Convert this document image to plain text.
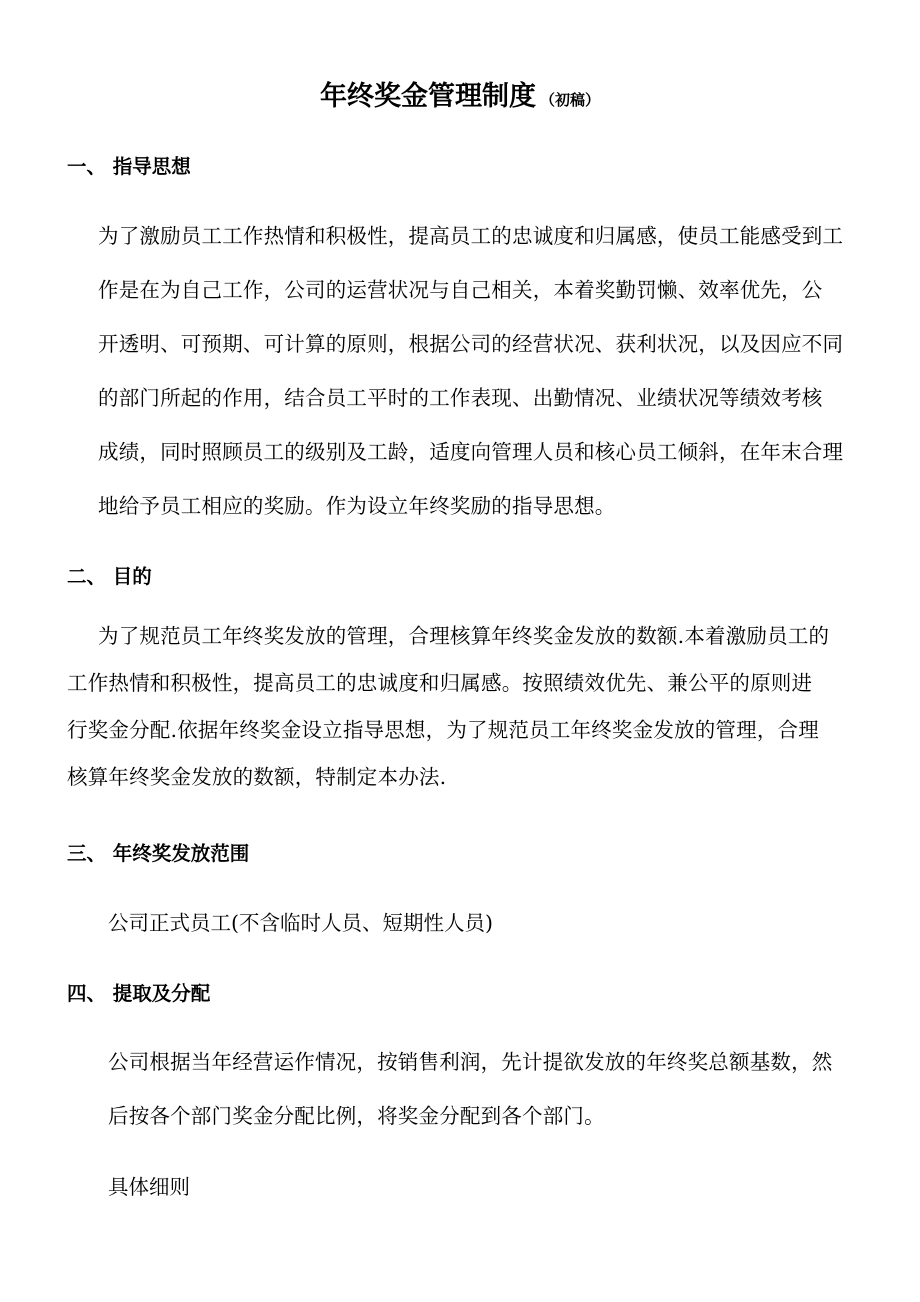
年终奖金管理制度 （初稿）
一、 指导思想
为了激励员工工作热情和积极性，提高员工的忠诚度和归属感，使员工能感受到工
作是在为自己工作，公司的运营状况与自己相关，本着奖勤罚懒、效率优先，公
开透明、可预期、可计算的原则，根据公司的经营状况、获利状况，以及因应不同
的部门所起的作用，结合员工平时的工作表现、出勤情况、业绩状况等绩效考核
成绩，同时照顾员工的级别及工龄，适度向管理人员和核心员工倾斜，在年末合理
地给予员工相应的奖励。作为设立年终奖励的指导思想。
二、 目的
为了规范员工年终奖发放的管理，合理核算年终奖金发放的数额.本着激励员工的
工作热情和积极性，提高员工的忠诚度和归属感。按照绩效优先、兼公平的原则进
行奖金分配.依据年终奖金设立指导思想，为了规范员工年终奖金发放的管理，合理
核算年终奖金发放的数额，特制定本办法.
三、 年终奖发放范围
公司正式员工(不含临时人员、短期性人员)
四、 提取及分配
公司根据当年经营运作情况，按销售利润，先计提欲发放的年终奖总额基数，然
后按各个部门奖金分配比例，将奖金分配到各个部门。
具体细则
